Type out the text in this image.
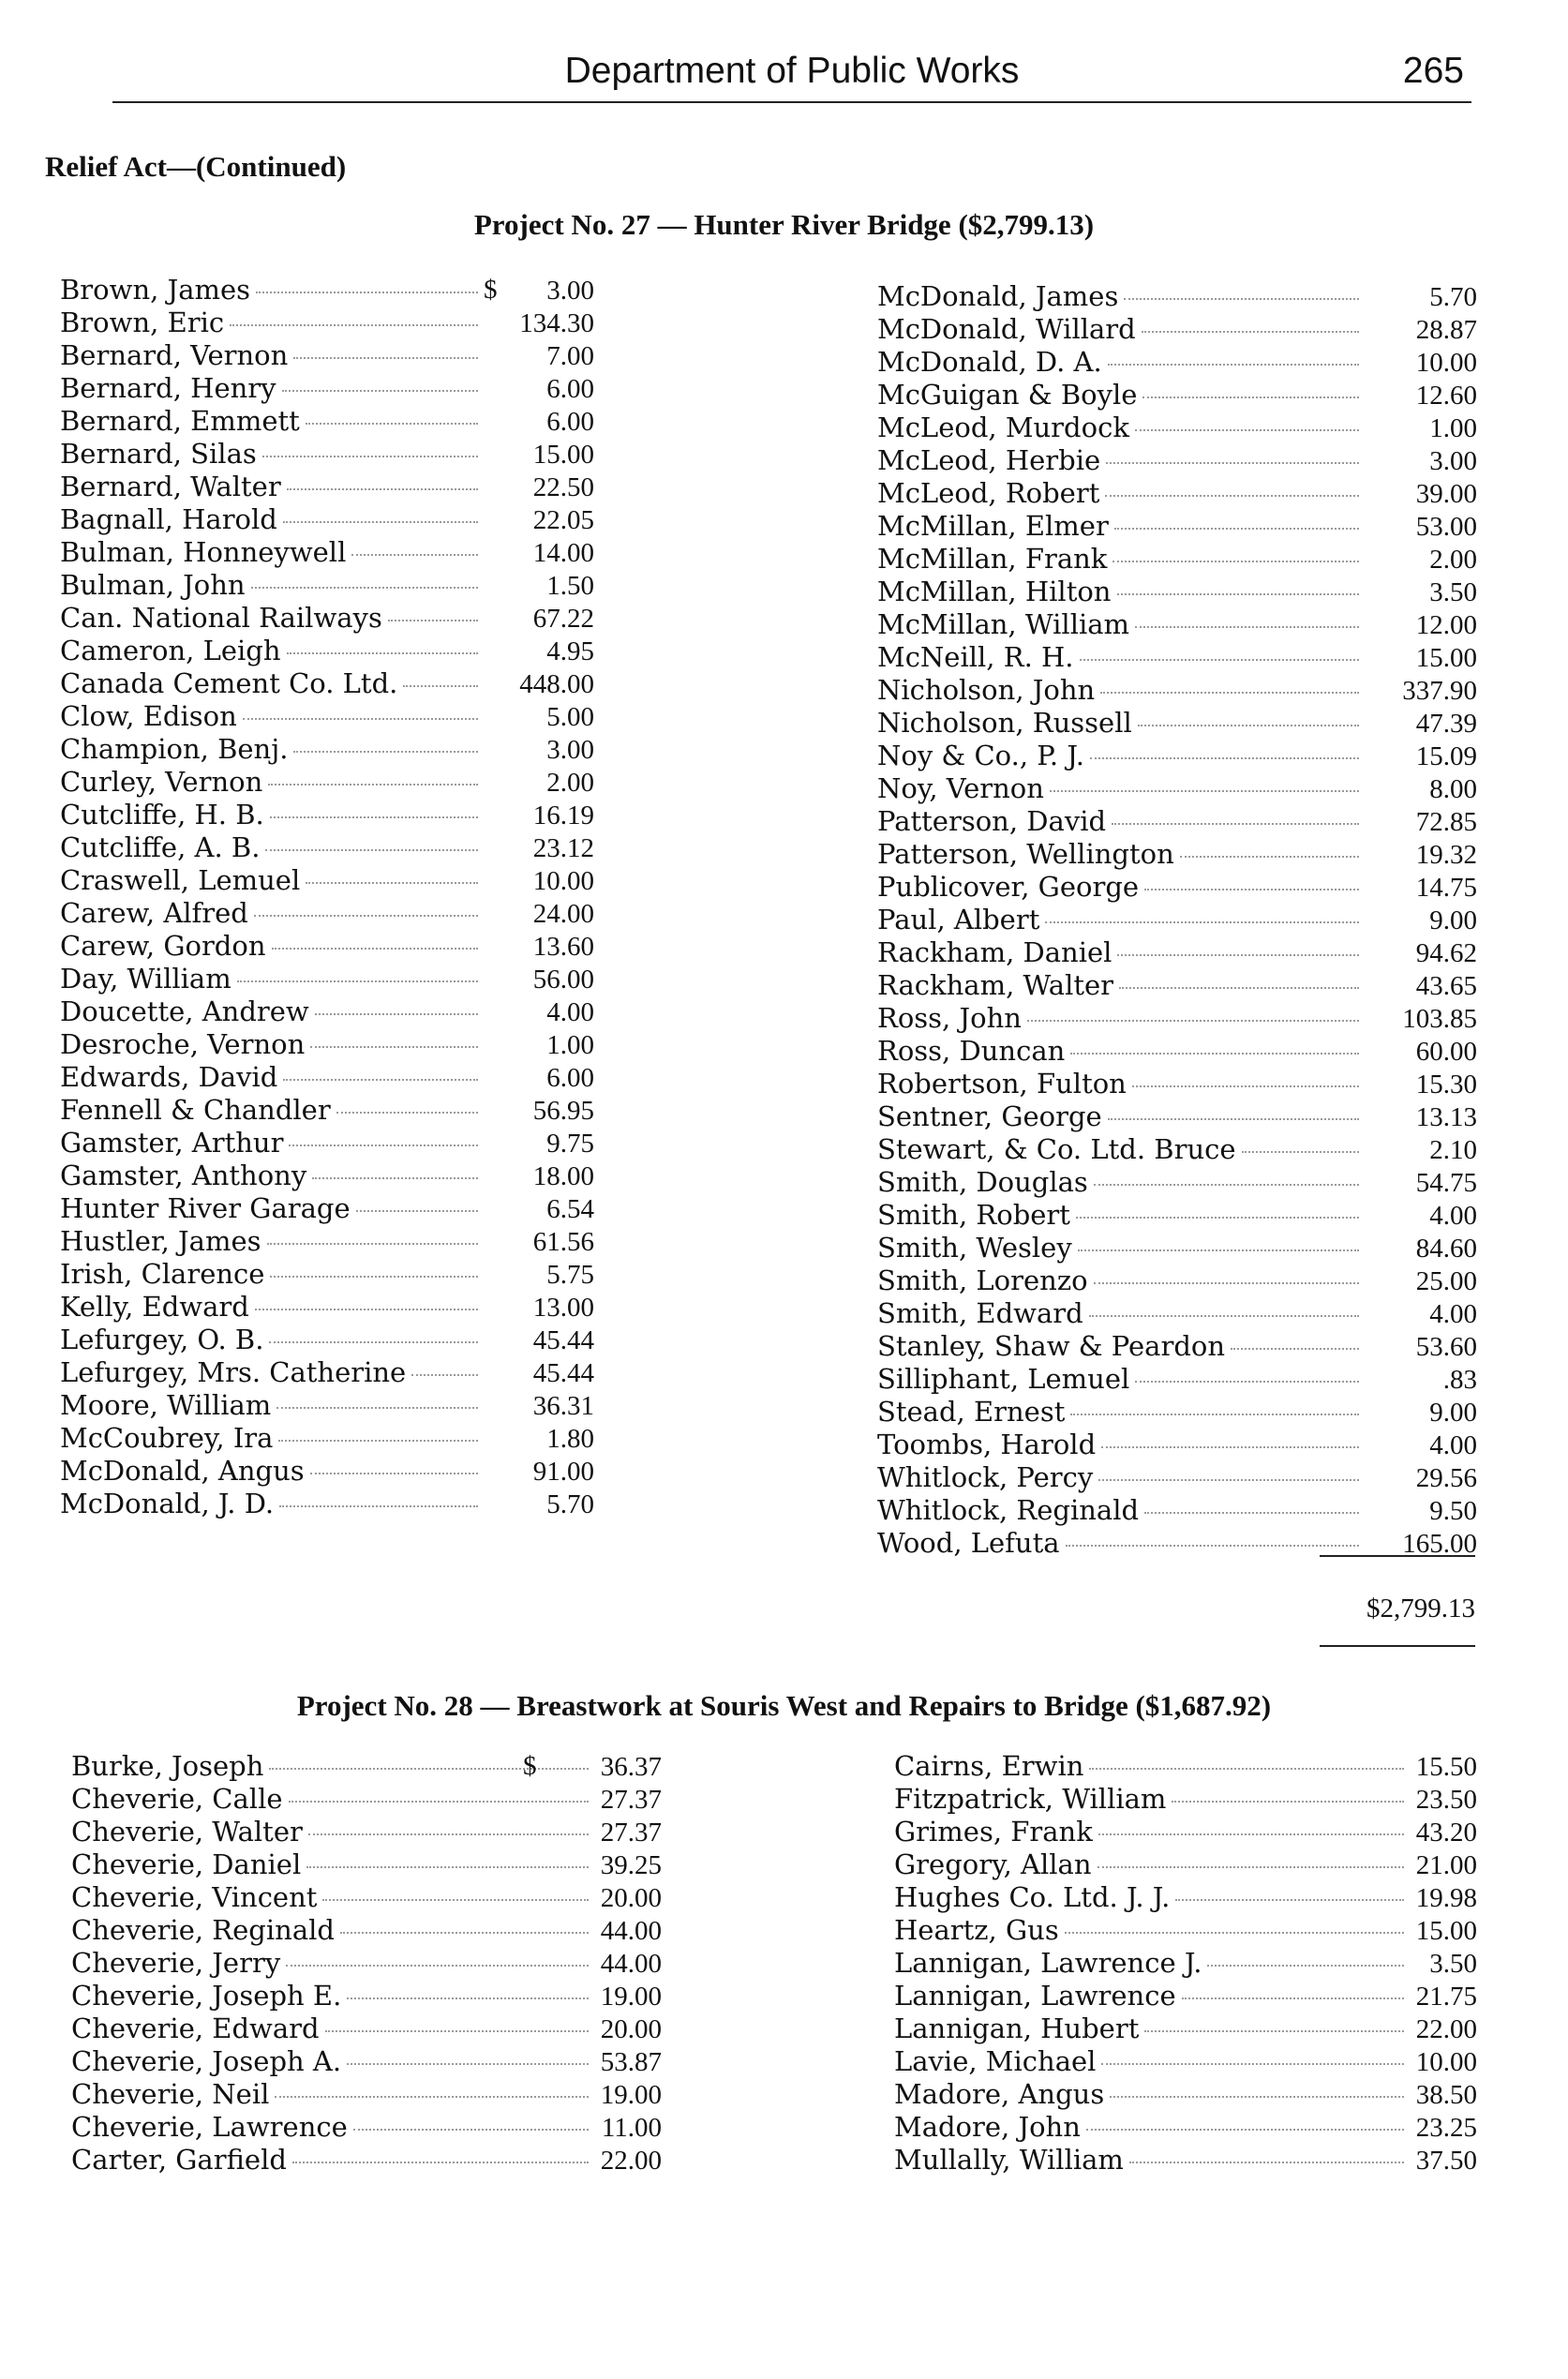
Department of Public Works	265
Relief Act—(Continued)
Project No. 27 — Hunter River Bridge ($2,799.13)
Brown, James	$	3.00
Brown, Eric	134.30
Bernard, Vernon	7.00
Bernard, Henry	6.00
Bernard, Emmett	6.00
Bernard, Silas	15.00
Bernard, Walter	22.50
Bagnall, Harold	22.05
Bulman, Honneywell	14.00
Bulman, John	1.50
Can. National Railways	67.22
Cameron, Leigh	4.95
Canada Cement Co. Ltd.	448.00
Clow, Edison	5.00
Champion, Benj.	3.00
Curley, Vernon	2.00
Cutcliffe, H. B.	16.19
Cutcliffe, A. B.	23.12
Craswell, Lemuel	10.00
Carew, Alfred	24.00
Carew, Gordon	13.60
Day, William	56.00
Doucette, Andrew	4.00
Desroche, Vernon	1.00
Edwards, David	6.00
Fennell & Chandler	56.95
Gamster, Arthur	9.75
Gamster, Anthony	18.00
Hunter River Garage	6.54
Hustler, James	61.56
Irish, Clarence	5.75
Kelly, Edward	13.00
Lefurgey, O. B.	45.44
Lefurgey, Mrs. Catherine	45.44
Moore, William	36.31
McCoubrey, Ira	1.80
McDonald, Angus	91.00
McDonald, J. D.	5.70
McDonald, James	5.70
McDonald, Willard	28.87
McDonald, D. A.	10.00
McGuigan & Boyle	12.60
McLeod, Murdock	1.00
McLeod, Herbie	3.00
McLeod, Robert	39.00
McMillan, Elmer	53.00
McMillan, Frank	2.00
McMillan, Hilton	3.50
McMillan, William	12.00
McNeill, R. H.	15.00
Nicholson, John	337.90
Nicholson, Russell	47.39
Noy & Co., P. J.	15.09
Noy, Vernon	8.00
Patterson, David	72.85
Patterson, Wellington	19.32
Publicover, George	14.75
Paul, Albert	9.00
Rackham, Daniel	94.62
Rackham, Walter	43.65
Ross, John	103.85
Ross, Duncan	60.00
Robertson, Fulton	15.30
Sentner, George	13.13
Stewart, & Co. Ltd. Bruce	2.10
Smith, Douglas	54.75
Smith, Robert	4.00
Smith, Wesley	84.60
Smith, Lorenzo	25.00
Smith, Edward	4.00
Stanley, Shaw & Peardon	53.60
Silliphant, Lemuel	.83
Stead, Ernest	9.00
Toombs, Harold	4.00
Whitlock, Percy	29.56
Whitlock, Reginald	9.50
Wood, Lefuta	165.00
$2,799.13
Project No. 28 — Breastwork at Souris West and Repairs to Bridge ($1,687.92)
Burke, Joseph	$ 36.37
Cheverie, Calle	27.37
Cheverie, Walter	27.37
Cheverie, Daniel	39.25
Cheverie, Vincent	20.00
Cheverie, Reginald	44.00
Cheverie, Jerry	44.00
Cheverie, Joseph E.	19.00
Cheverie, Edward	20.00
Cheverie, Joseph A.	53.87
Cheverie, Neil	19.00
Cheverie, Lawrence	11.00
Carter, Garfield	22.00
Cairns, Erwin	15.50
Fitzpatrick, William	23.50
Grimes, Frank	43.20
Gregory, Allan	21.00
Hughes Co. Ltd. J. J.	19.98
Heartz, Gus	15.00
Lannigan, Lawrence J.	3.50
Lannigan, Lawrence	21.75
Lannigan, Hubert	22.00
Lavie, Michael	10.00
Madore, Angus	38.50
Madore, John	23.25
Mullally, William	37.50
